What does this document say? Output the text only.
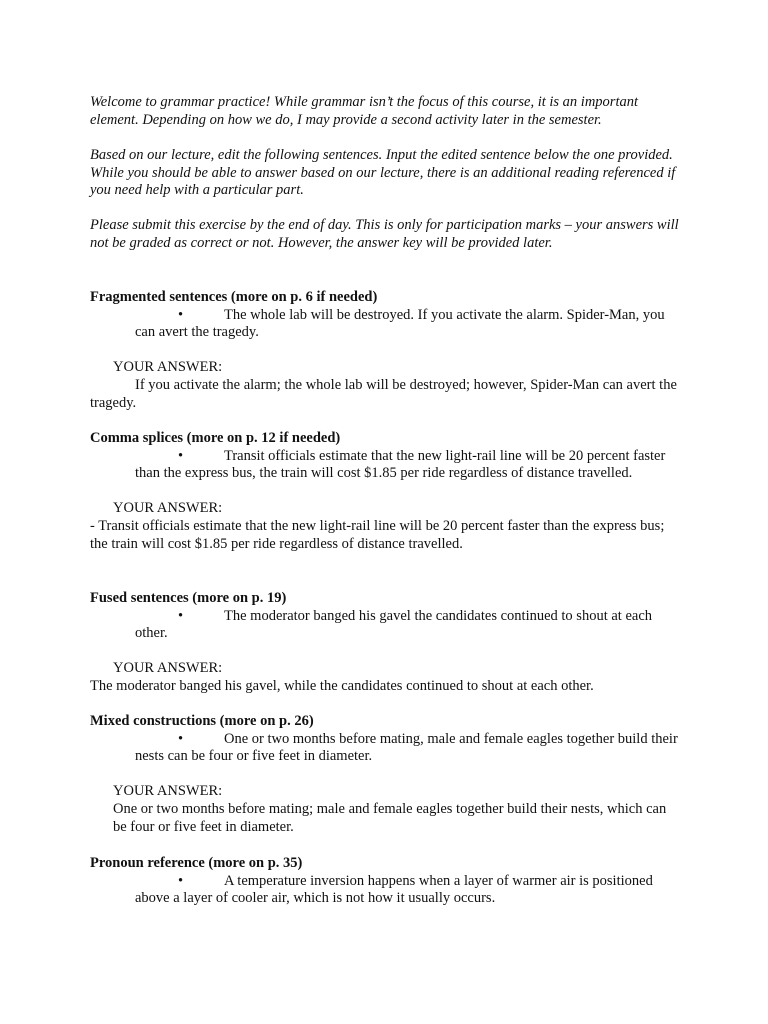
Welcome to grammar practice! While grammar isn’t the focus of this course, it is an important element. Depending on how we do, I may provide a second activity later in the semester.

Based on our lecture, edit the following sentences. Input the edited sentence below the one provided. While you should be able to answer based on our lecture, there is an additional reading referenced if you need help with a particular part.

Please submit this exercise by the end of day. This is only for participation marks – your answers will not be graded as correct or not. However, the answer key will be provided later.

Fragmented sentences (more on p. 6 if needed)

•	The whole lab will be destroyed. If you activate the alarm. Spider-Man, you can avert the tragedy.

YOUR ANSWER:

If you activate the alarm; the whole lab will be destroyed; however, Spider-Man can avert the tragedy.

Comma splices (more on p. 12 if needed)

•	Transit officials estimate that the new light-rail line will be 20 percent faster than the express bus, the train will cost $1.85 per ride regardless of distance travelled.

YOUR ANSWER:

- Transit officials estimate that the new light-rail line will be 20 percent faster than the express bus; the train will cost $1.85 per ride regardless of distance travelled.

Fused sentences (more on p. 19)

•	The moderator banged his gavel the candidates continued to shout at each other.

YOUR ANSWER:

The moderator banged his gavel, while the candidates continued to shout at each other.

Mixed constructions (more on p. 26)

•	One or two months before mating, male and female eagles together build their nests can be four or five feet in diameter.

YOUR ANSWER:

One or two months before mating; male and female eagles together build their nests, which can be four or five feet in diameter.

Pronoun reference (more on p. 35)

•	A temperature inversion happens when a layer of warmer air is positioned above a layer of cooler air, which is not how it usually occurs.
